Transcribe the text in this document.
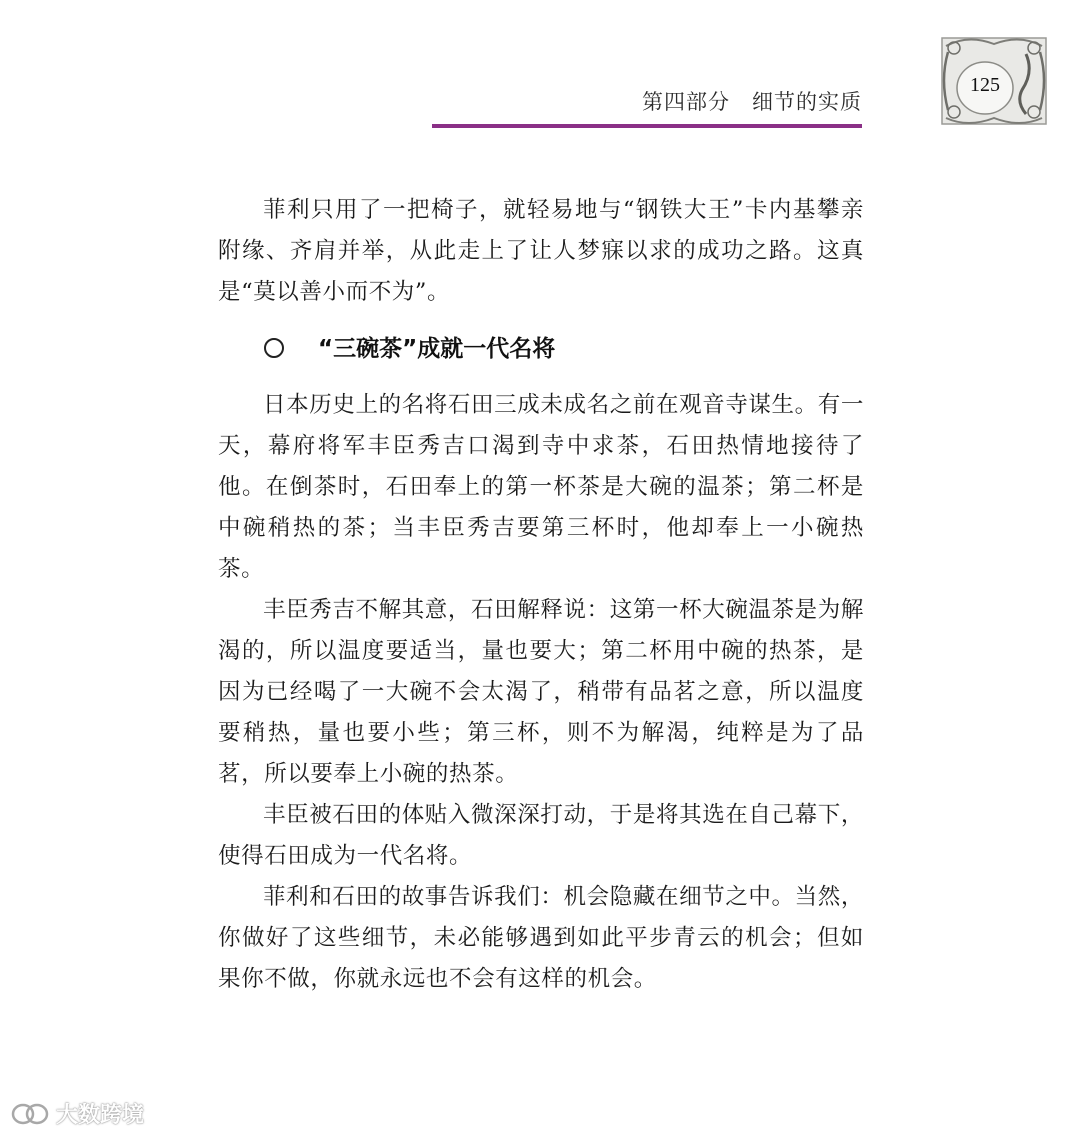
第四部分　细节的实质
125

菲利只用了一把椅子，就轻易地与“钢铁大王”卡内基攀亲附缘、齐肩并举，从此走上了让人梦寐以求的成功之路。这真是“莫以善小而不为”。

“三碗茶”成就一代名将

日本历史上的名将石田三成未成名之前在观音寺谋生。有一天，幕府将军丰臣秀吉口渴到寺中求茶，石田热情地接待了他。在倒茶时，石田奉上的第一杯茶是大碗的温茶；第二杯是中碗稍热的茶；当丰臣秀吉要第三杯时，他却奉上一小碗热茶。

丰臣秀吉不解其意，石田解释说：这第一杯大碗温茶是为解渴的，所以温度要适当，量也要大；第二杯用中碗的热茶，是因为已经喝了一大碗不会太渴了，稍带有品茗之意，所以温度要稍热，量也要小些；第三杯，则不为解渴，纯粹是为了品茗，所以要奉上小碗的热茶。

丰臣被石田的体贴入微深深打动，于是将其选在自己幕下，使得石田成为一代名将。

菲利和石田的故事告诉我们：机会隐藏在细节之中。当然，你做好了这些细节，未必能够遇到如此平步青云的机会；但如果你不做，你就永远也不会有这样的机会。

大数跨境
